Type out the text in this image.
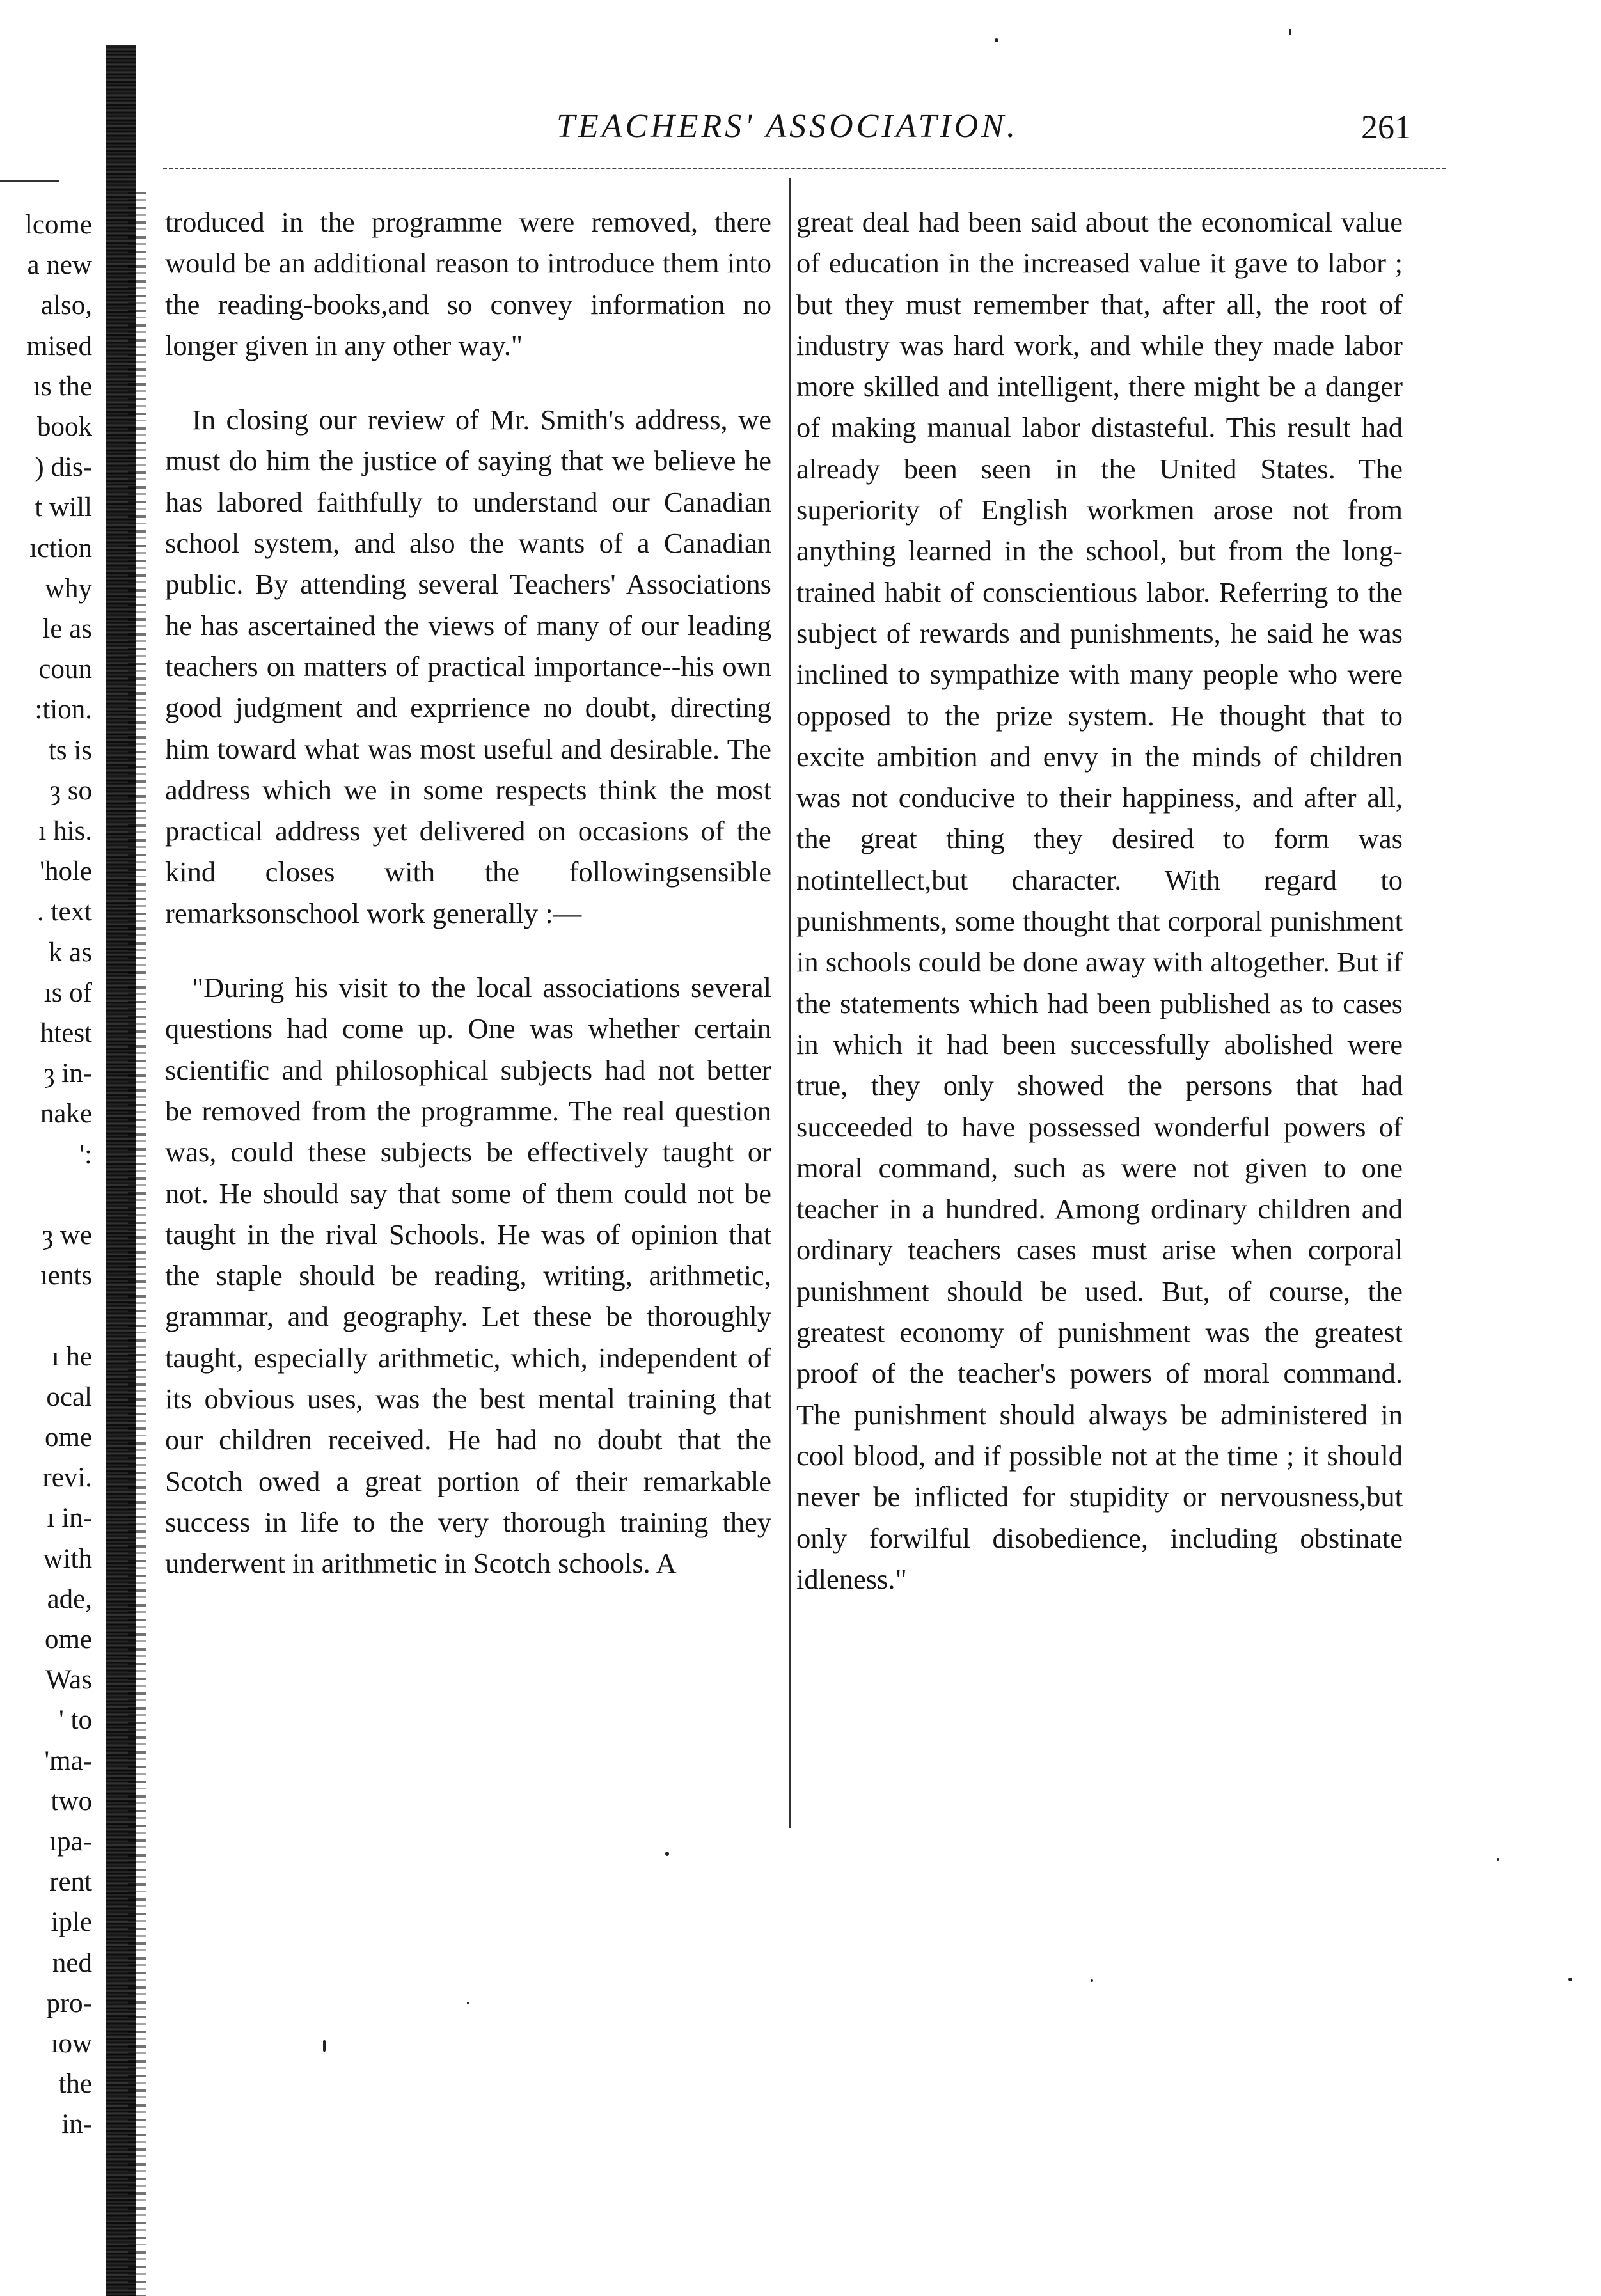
lcome
a new
also,
mised
ıs the
book
) dis-
t will
ıction
why
le as
coun
:tion.
ts is
ȝ so
ı his.
'hole
. text
k as
ıs of
htest
ȝ in-
nake
':
ȝ we
ıents
ı he
ocal
ome
revi.
ı in-
with
ade,
ome
Was
' to
'ma-
two
ıpa-
rent
iple
ned
pro-
ıow
the
in-
TEACHERS' ASSOCIATION.	261

troduced in the programme were removed, there would be an additional reason to introduce them into the reading-books,and so convey information no longer given in any other way."

In closing our review of Mr. Smith's address, we must do him the justice of saying that we believe he has labored faithfully to understand our Canadian school system, and also the wants of a Canadian public. By attending several Teachers' Associations he has ascertained the views of many of our leading teachers on matters of practical importance--his own good judgment and exprrience no doubt, directing him toward what was most useful and desirable. The address which we in some respects think the most practical address yet delivered on occasions of the kind closes with the followingsensible remarksonschool work generally :—

"During his visit to the local associations several questions had come up. One was whether certain scientific and philosophical subjects had not better be removed from the programme. The real question was, could these subjects be effectively taught or not. He should say that some of them could not be taught in the rival Schools. He was of opinion that the staple should be reading, writing, arithmetic, grammar, and geography. Let these be thoroughly taught, especially arithmetic, which, independent of its obvious uses, was the best mental training that our children received. He had no doubt that the Scotch owed a great portion of their remarkable success in life to the very thorough training they underwent in arithmetic in Scotch schools. A

great deal had been said about the economical value of education in the increased value it gave to labor ; but they must remember that, after all, the root of industry was hard work, and while they made labor more skilled and intelligent, there might be a danger of making manual labor distasteful. This result had already been seen in the United States. The superiority of English workmen arose not from anything learned in the school, but from the long-trained habit of conscientious labor. Referring to the subject of rewards and punishments, he said he was inclined to sympathize with many people who were opposed to the prize system. He thought that to excite ambition and envy in the minds of children was not conducive to their happiness, and after all, the great thing they desired to form was notintellect,but character. With regard to punishments, some thought that corporal punishment in schools could be done away with altogether. But if the statements which had been published as to cases in which it had been successfully abolished were true, they only showed the persons that had succeeded to have possessed wonderful powers of moral command, such as were not given to one teacher in a hundred. Among ordinary children and ordinary teachers cases must arise when corporal punishment should be used. But, of course, the greatest economy of punishment was the greatest proof of the teacher's powers of moral command. The punishment should always be administered in cool blood, and if possible not at the time ; it should never be inflicted for stupidity or nervousness,but only forwilful disobedience, including obstinate idleness."
